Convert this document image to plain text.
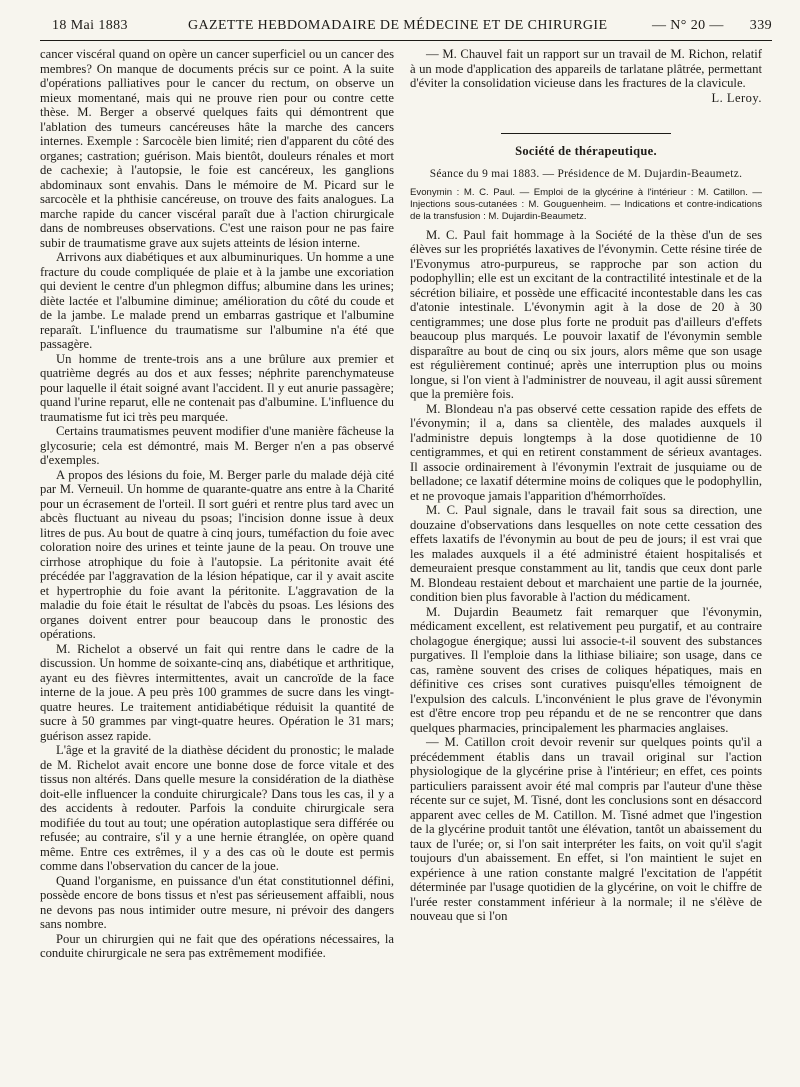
18 Mai 1883	GAZETTE HEBDOMADAIRE DE MÉDECINE ET DE CHIRURGIE	— N° 20 — 339

cancer viscéral quand on opère un cancer superficiel ou un cancer des membres? On manque de documents précis sur ce point. A la suite d'opérations palliatives pour le cancer du rectum, on observe un mieux momentané, mais qui ne prouve rien pour ou contre cette thèse. M. Berger a observé quelques faits qui démontrent que l'ablation des tumeurs cancéreuses hâte la marche des cancers internes. Exemple : Sarcocèle bien limité; rien d'apparent du côté des organes; castration; guérison. Mais bientôt, douleurs rénales et mort de cachexie; à l'autopsie, le foie est cancéreux, les ganglions abdominaux sont envahis. Dans le mémoire de M. Picard sur le sarcocèle et la phthisie cancéreuse, on trouve des faits analogues. La marche rapide du cancer viscéral paraît due à l'action chirurgicale dans de nombreuses observations. C'est une raison pour ne pas faire subir de traumatisme grave aux sujets atteints de lésion interne.

Arrivons aux diabétiques et aux albuminuriques. Un homme a une fracture du coude compliquée de plaie et à la jambe une excoriation qui devient le centre d'un phlegmon diffus; albumine dans les urines; diète lactée et l'albumine diminue; amélioration du côté du coude et de la jambe. Le malade prend un embarras gastrique et l'albumine reparaît. L'influence du traumatisme sur l'albumine n'a été que passagère.

Un homme de trente-trois ans a une brûlure aux premier et quatrième degrés au dos et aux fesses; néphrite parenchymateuse pour laquelle il était soigné avant l'accident. Il y eut anurie passagère; quand l'urine reparut, elle ne contenait pas d'albumine. L'influence du traumatisme fut ici très peu marquée.

Certains traumatismes peuvent modifier d'une manière fâcheuse la glycosurie; cela est démontré, mais M. Berger n'en a pas observé d'exemples.

A propos des lésions du foie, M. Berger parle du malade déjà cité par M. Verneuil. Un homme de quarante-quatre ans entre à la Charité pour un écrasement de l'orteil. Il sort guéri et rentre plus tard avec un abcès fluctuant au niveau du psoas; l'incision donne issue à deux litres de pus. Au bout de quatre à cinq jours, tuméfaction du foie avec coloration noire des urines et teinte jaune de la peau. On trouve une cirrhose atrophique du foie à l'autopsie. La péritonite avait été précédée par l'aggravation de la lésion hépatique, car il y avait ascite et hypertrophie du foie avant la péritonite. L'aggravation de la maladie du foie était le résultat de l'abcès du psoas. Les lésions des organes doivent entrer pour beaucoup dans le pronostic des opérations.

M. Richelot a observé un fait qui rentre dans le cadre de la discussion. Un homme de soixante-cinq ans, diabétique et arthritique, ayant eu des fièvres intermittentes, avait un cancroïde de la face interne de la joue. A peu près 100 grammes de sucre dans les vingt-quatre heures. Le traitement antidiabétique réduisit la quantité de sucre à 50 grammes par vingt-quatre heures. Opération le 31 mars; guérison assez rapide.

L'âge et la gravité de la diathèse décident du pronostic; le malade de M. Richelot avait encore une bonne dose de force vitale et des tissus non altérés. Dans quelle mesure la considération de la diathèse doit-elle influencer la conduite chirurgicale? Dans tous les cas, il y a des accidents à redouter. Parfois la conduite chirurgicale sera modifiée du tout au tout; une opération autoplastique sera différée ou refusée; au contraire, s'il y a une hernie étranglée, on opère quand même. Entre ces extrêmes, il y a des cas où le doute est permis comme dans l'observation du cancer de la joue.

Quand l'organisme, en puissance d'un état constitutionnel défini, possède encore de bons tissus et n'est pas sérieusement affaibli, nous ne devons pas nous intimider outre mesure, ni prévoir des dangers sans nombre.

Pour un chirurgien qui ne fait que des opérations nécessaires, la conduite chirurgicale ne sera pas extrêmement modifiée.

— M. Chauvel fait un rapport sur un travail de M. Richon, relatif à un mode d'application des appareils de tarlatane plâtrée, permettant d'éviter la consolidation vicieuse dans les fractures de la clavicule.

L. Leroy.

Société de thérapeutique.
Séance du 9 mai 1883. — Présidence de M. Dujardin-Beaumetz.
Evonymin : M. C. Paul. — Emploi de la glycérine à l'intérieur : M. Catillon. — Injections sous-cutanées : M. Gouguenheim. — Indications et contre-indications de la transfusion : M. Dujardin-Beaumetz.

M. C. Paul fait hommage à la Société de la thèse d'un de ses élèves sur les propriétés laxatives de l'évonymin. Cette résine tirée de l'Evonymus atro-purpureus, se rapproche par son action du podophyllin; elle est un excitant de la contractilité intestinale et de la sécrétion biliaire, et possède une efficacité incontestable dans les cas d'atonie intestinale. L'évonymin agit à la dose de 20 à 30 centigrammes; une dose plus forte ne produit pas d'ailleurs d'effets beaucoup plus marqués. Le pouvoir laxatif de l'évonymin semble disparaître au bout de cinq ou six jours, alors même que son usage est régulièrement continué; après une interruption plus ou moins longue, si l'on vient à l'administrer de nouveau, il agit aussi sûrement que la première fois.

M. Blondeau n'a pas observé cette cessation rapide des effets de l'évonymin; il a, dans sa clientèle, des malades auxquels il l'administre depuis longtemps à la dose quotidienne de 10 centigrammes, et qui en retirent constamment de sérieux avantages. Il associe ordinairement à l'évonymin l'extrait de jusquiame ou de belladone; ce laxatif détermine moins de coliques que le podophyllin, et ne provoque jamais l'apparition d'hémorrhoïdes.

M. C. Paul signale, dans le travail fait sous sa direction, une douzaine d'observations dans lesquelles on note cette cessation des effets laxatifs de l'évonymin au bout de peu de jours; il est vrai que les malades auxquels il a été administré étaient hospitalisés et demeuraient presque constamment au lit, tandis que ceux dont parle M. Blondeau restaient debout et marchaient une partie de la journée, condition bien plus favorable à l'action du médicament.

M. Dujardin Beaumetz fait remarquer que l'évonymin, médicament excellent, est relativement peu purgatif, et au contraire cholagogue énergique; aussi lui associe-t-il souvent des substances purgatives. Il l'emploie dans la lithiase biliaire; son usage, dans ce cas, ramène souvent des crises de coliques hépatiques, mais en définitive ces crises sont curatives puisqu'elles témoignent de l'expulsion des calculs. L'inconvénient le plus grave de l'évonymin est d'être encore trop peu répandu et de ne se rencontrer que dans quelques pharmacies, principalement les pharmacies anglaises.

— M. Catillon croit devoir revenir sur quelques points qu'il a précédemment établis dans un travail original sur l'action physiologique de la glycérine prise à l'intérieur; en effet, ces points particuliers paraissent avoir été mal compris par l'auteur d'une thèse récente sur ce sujet, M. Tisné, dont les conclusions sont en désaccord apparent avec celles de M. Catillon. M. Tisné admet que l'ingestion de la glycérine produit tantôt une élévation, tantôt un abaissement du taux de l'urée; or, si l'on sait interpréter les faits, on voit qu'il s'agit toujours d'un abaissement. En effet, si l'on maintient le sujet en expérience à une ration constante malgré l'excitation de l'appétit déterminée par l'usage quotidien de la glycérine, on voit le chiffre de l'urée rester constamment inférieur à la normale; il ne s'élève de nouveau que si l'on
